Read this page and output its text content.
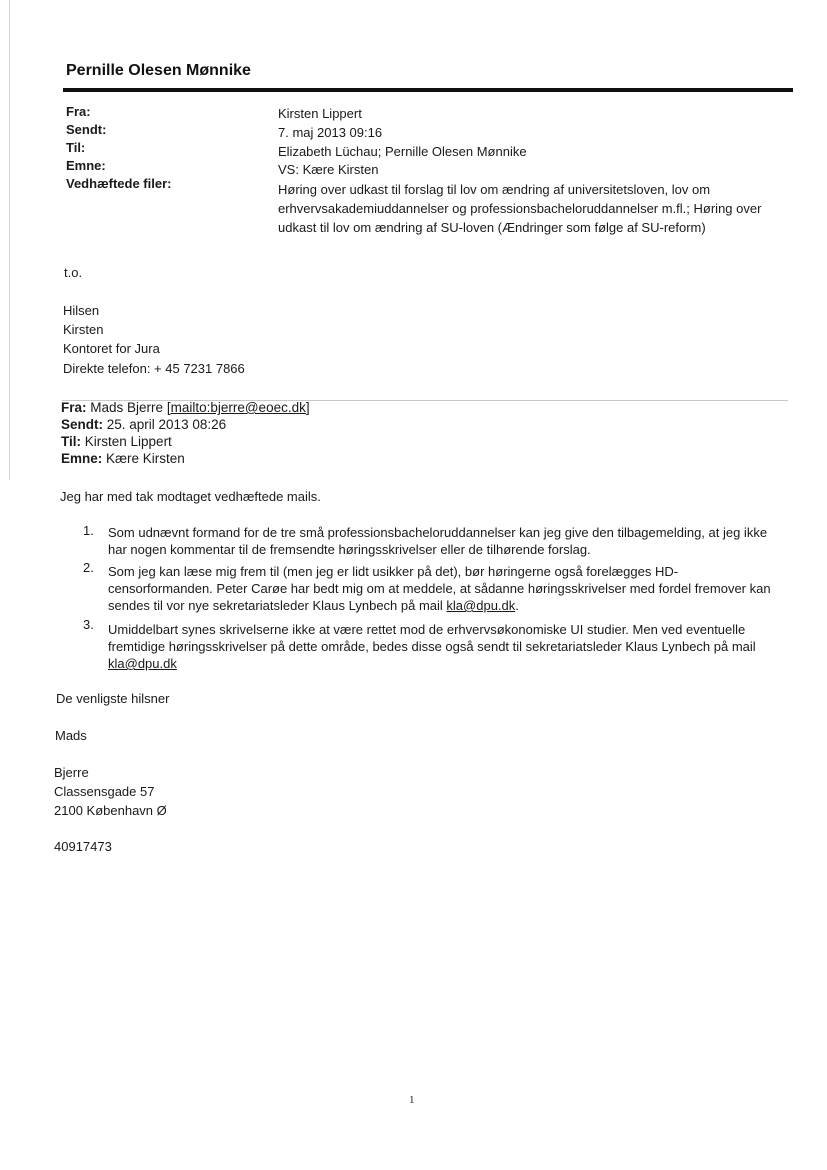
Pernille Olesen Mønnike
Fra:	Kirsten Lippert
Sendt:	7. maj 2013 09:16
Til:	Elizabeth Lüchau; Pernille Olesen Mønnike
Emne:	VS: Kære Kirsten
Vedhæftede filer:	Høring over udkast til forslag til lov om ændring af universitetsloven, lov om erhvervsakademiuddannelser og professionsbacheloruddannelser m.fl.; Høring over udkast til lov om ændring af SU-loven (Ændringer som følge af SU-reform)
t.o.
Hilsen
Kirsten
Kontoret for Jura
Direkte telefon: + 45 7231 7866
Fra: Mads Bjerre [mailto:bjerre@eoec.dk]
Sendt: 25. april 2013 08:26
Til: Kirsten Lippert
Emne: Kære Kirsten
Jeg har med tak modtaget vedhæftede mails.
1. Som udnævnt formand for de tre små professionsbacheloruddannelser kan jeg give den tilbagemelding, at jeg ikke har nogen kommentar til de fremsendte høringsskrivelser eller de tilhørende forslag.
2. Som jeg kan læse mig frem til (men jeg er lidt usikker på det), bør høringerne også forelægges HD-censorformanden. Peter Carøe har bedt mig om at meddele, at sådanne høringsskrivelser med fordel fremover kan sendes til vor nye sekretariatsleder Klaus Lynbech på mail kla@dpu.dk.
3. Umiddelbart synes skrivelserne ikke at være rettet mod de erhvervsøkonomiske UI studier. Men ved eventuelle fremtidige høringsskrivelser på dette område, bedes disse også sendt til sekretariatsleder Klaus Lynbech på mail kla@dpu.dk
De venligste hilsner
Mads
Bjerre
Classensgade 57
2100 København Ø
40917473
1
